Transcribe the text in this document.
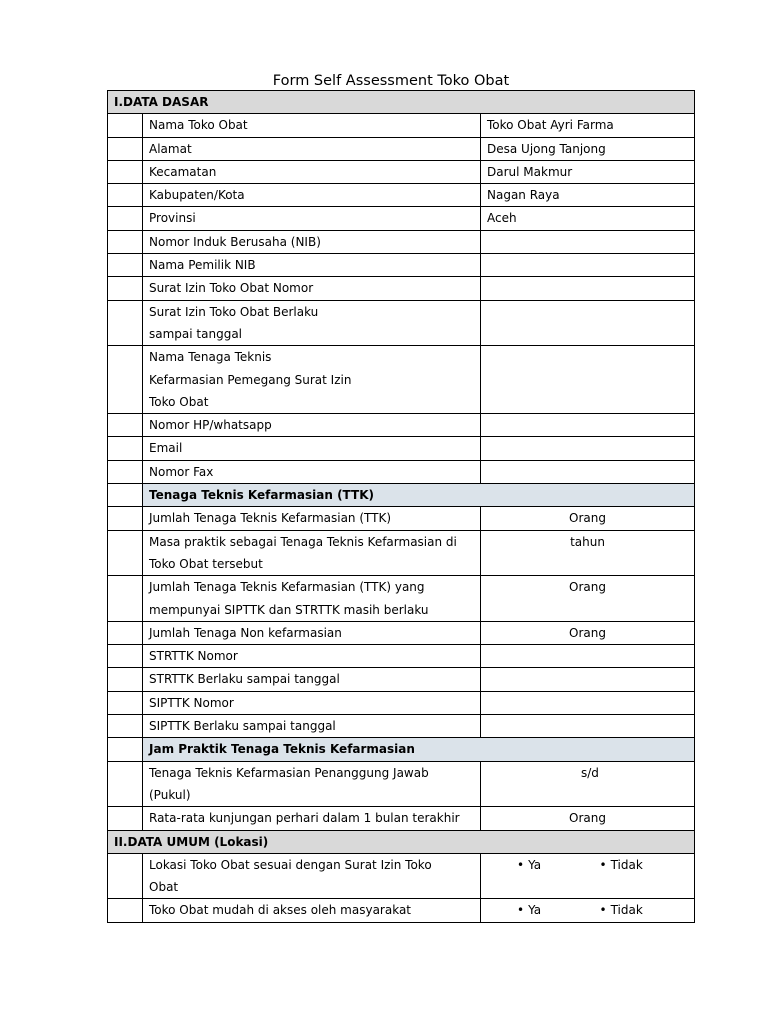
Form Self Assessment Toko Obat
I.DATA DASAR		

	Nama Toko Obat	Toko Obat Ayri Farma

	Alamat	Desa Ujong Tanjong

	Kecamatan	Darul Makmur

	Kabupaten/Kota	Nagan Raya

	Provinsi	Aceh

	Nomor Induk Berusaha (NIB)	

	Nama Pemilik NIB	

	Surat Izin Toko Obat Nomor	

	Surat Izin Toko Obat Berlaku
sampai tanggal	

	Nama Tenaga Teknis
Kefarmasian Pemegang Surat Izin
Toko Obat	

	Nomor HP/whatsapp	

	Email	

	Nomor Fax	

	Tenaga Teknis Kefarmasian (TTK)	

	Jumlah Tenaga Teknis Kefarmasian (TTK)	Orang

	Masa praktik sebagai Tenaga Teknis Kefarmasian di
Toko Obat tersebut	tahun

	Jumlah Tenaga Teknis Kefarmasian (TTK) yang
mempunyai SIPTTK dan STRTTK masih berlaku	Orang

	Jumlah Tenaga Non kefarmasian	Orang

	STRTTK Nomor	

	STRTTK Berlaku sampai tanggal	

	SIPTTK Nomor	

	SIPTTK Berlaku sampai tanggal	

	Jam Praktik Tenaga Teknis Kefarmasian	

	Tenaga Teknis Kefarmasian Penanggung Jawab
(Pukul)	s/d

	Rata-rata kunjungan perhari dalam 1 bulan terakhir	Orang
II.DATA UMUM (Lokasi)		

	Lokasi Toko Obat sesuai dengan Surat Izin Toko
Obat	• Ya • Tidak

	Toko Obat mudah di akses oleh masyarakat	• Ya • Tidak
